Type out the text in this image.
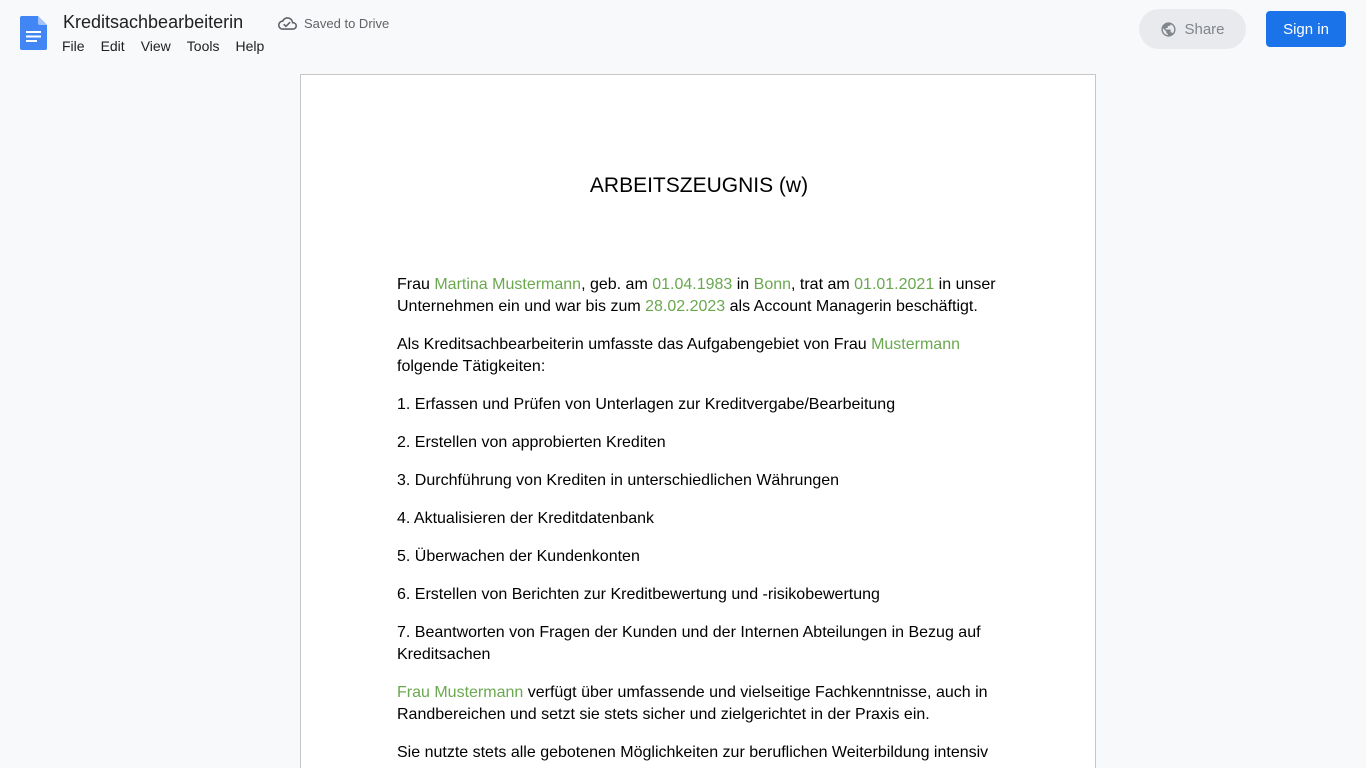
Kreditsachbearbeiterin	Saved to Drive
File	Edit	View	Tools	Help
Share	Sign in
ARBEITSZEUGNIS (w)

Frau Martina Mustermann, geb. am 01.04.1983 in Bonn, trat am 01.01.2021 in unser Unternehmen ein und war bis zum 28.02.2023 als Account Managerin beschäftigt.

Als Kreditsachbearbeiterin umfasste das Aufgabengebiet von Frau Mustermann folgende Tätigkeiten:

1. Erfassen und Prüfen von Unterlagen zur Kreditvergabe/Bearbeitung

2. Erstellen von approbierten Krediten

3. Durchführung von Krediten in unterschiedlichen Währungen

4. Aktualisieren der Kreditdatenbank

5. Überwachen der Kundenkonten

6. Erstellen von Berichten zur Kreditbewertung und -risikobewertung

7. Beantworten von Fragen der Kunden und der Internen Abteilungen in Bezug auf Kreditsachen

Frau Mustermann verfügt über umfassende und vielseitige Fachkenntnisse, auch in Randbereichen und setzt sie stets sicher und zielgerichtet in der Praxis ein.

Sie nutzte stets alle gebotenen Möglichkeiten zur beruflichen Weiterbildung intensiv
